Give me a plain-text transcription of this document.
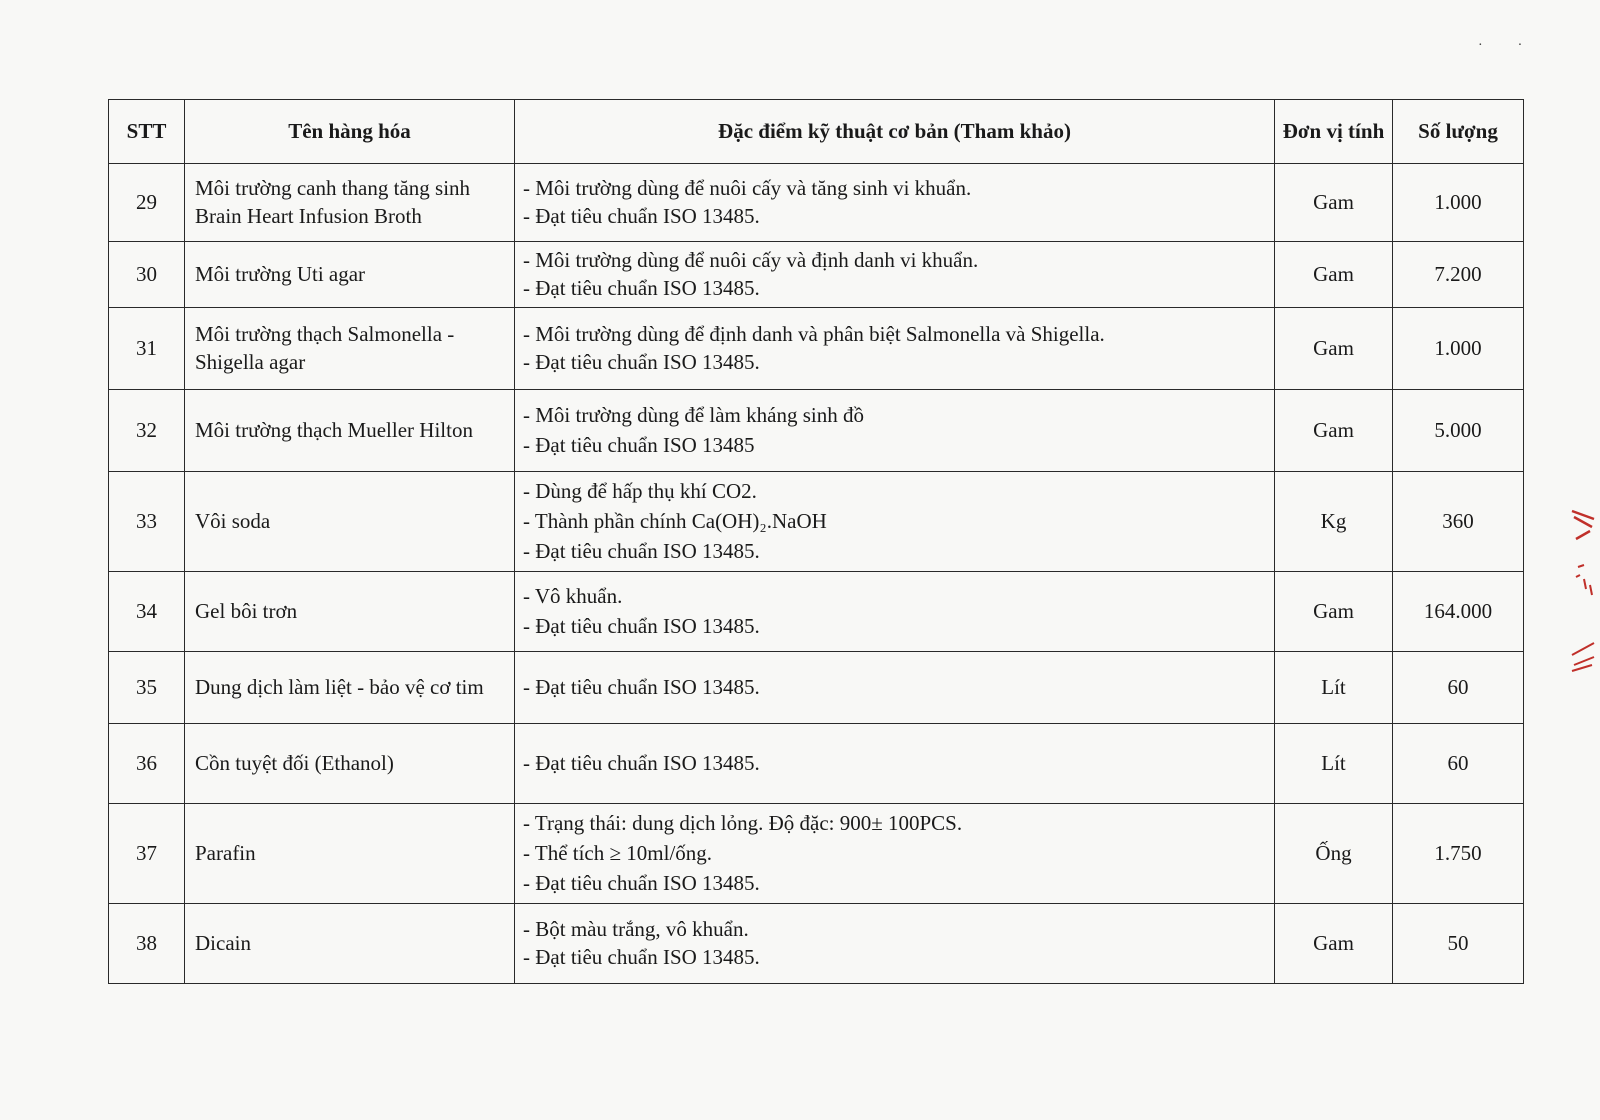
·          ·
STT	Tên hàng hóa	Đặc điểm kỹ thuật cơ bản (Tham khảo)	Đơn vị tính	Số lượng
29	Môi trường canh thang tăng sinh Brain Heart Infusion Broth	- Môi trường dùng để nuôi cấy và tăng sinh vi khuẩn.
- Đạt tiêu chuẩn ISO 13485.	Gam	1.000
30	Môi trường Uti agar	- Môi trường dùng để nuôi cấy và định danh vi khuẩn.
- Đạt tiêu chuẩn ISO 13485.	Gam	7.200
31	Môi trường thạch Salmonella - Shigella agar	- Môi trường dùng để định danh và phân biệt Salmonella và Shigella.
- Đạt tiêu chuẩn ISO 13485.	Gam	1.000
32	Môi trường thạch Mueller Hilton	- Môi trường dùng để làm kháng sinh đồ
- Đạt tiêu chuẩn ISO 13485	Gam	5.000
33	Vôi soda	- Dùng để hấp thụ khí CO2.
- Thành phần chính Ca(OH)₂.NaOH
- Đạt tiêu chuẩn ISO 13485.	Kg	360
34	Gel bôi trơn	- Vô khuẩn.
- Đạt tiêu chuẩn ISO 13485.	Gam	164.000
35	Dung dịch làm liệt - bảo vệ cơ tim	- Đạt tiêu chuẩn ISO 13485.	Lít	60
36	Cồn tuyệt đối (Ethanol)	- Đạt tiêu chuẩn ISO 13485.	Lít	60
37	Parafin	- Trạng thái: dung dịch lỏng. Độ đặc: 900± 100PCS.
- Thể tích ≥ 10ml/ống.
- Đạt tiêu chuẩn ISO 13485.	Ống	1.750
38	Dicain	- Bột màu trắng, vô khuẩn.
- Đạt tiêu chuẩn ISO 13485.	Gam	50
